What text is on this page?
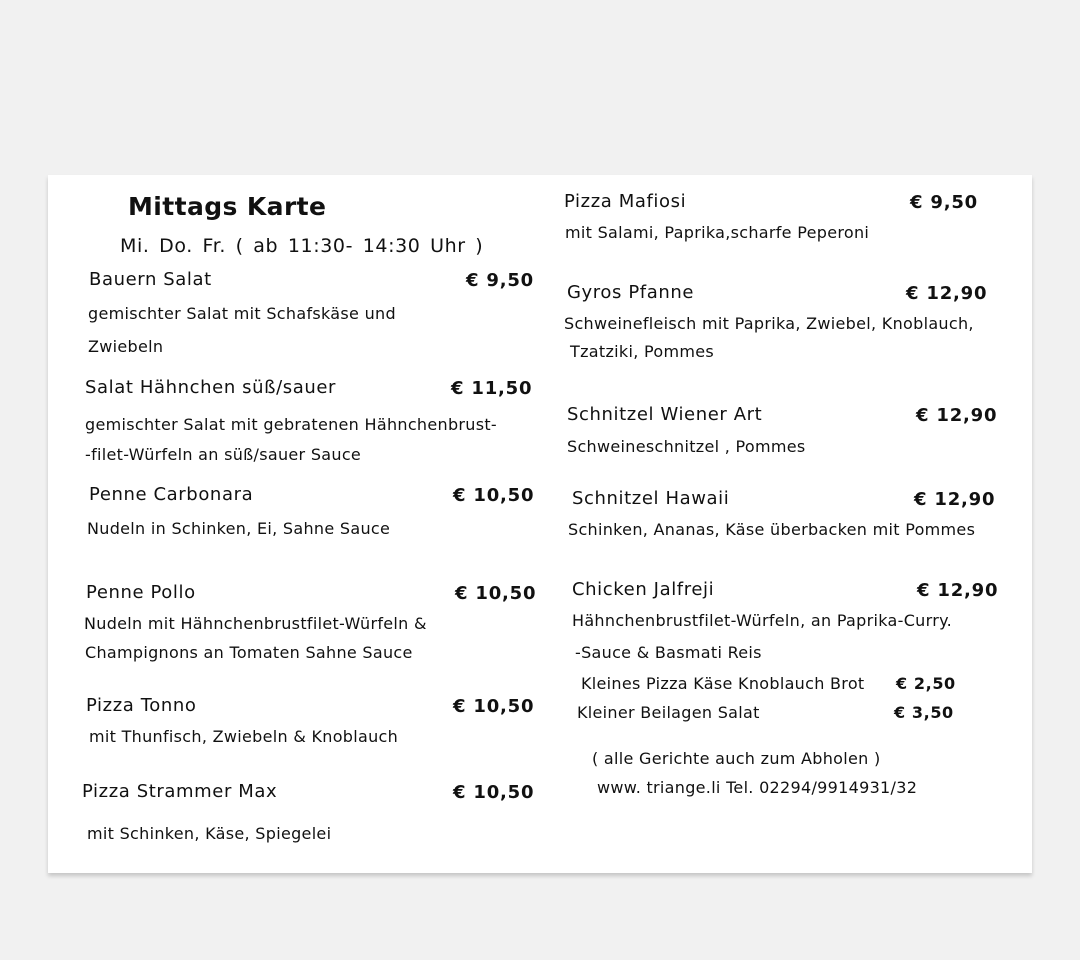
Mittags Karte
Mi. Do. Fr. ( ab 11:30- 14:30 Uhr )
Bauern Salat	€ 9,50
gemischter Salat mit Schafskäse und
Zwiebeln
Salat Hähnchen süß/sauer	€ 11,50
gemischter Salat mit gebratenen Hähnchenbrust-
-filet-Würfeln an süß/sauer Sauce
Penne Carbonara	€ 10,50
Nudeln in Schinken, Ei, Sahne Sauce
Penne Pollo	€ 10,50
Nudeln mit Hähnchenbrustfilet-Würfeln &
Champignons an Tomaten Sahne Sauce
Pizza Tonno	€ 10,50
mit Thunfisch, Zwiebeln & Knoblauch
Pizza Strammer Max	€ 10,50
mit Schinken, Käse, Spiegelei
Pizza Mafiosi	€ 9,50
mit Salami, Paprika,scharfe Peperoni
Gyros Pfanne	€ 12,90
Schweinefleisch mit Paprika, Zwiebel, Knoblauch,
Tzatziki, Pommes
Schnitzel Wiener Art	€ 12,90
Schweineschnitzel , Pommes
Schnitzel Hawaii	€ 12,90
Schinken, Ananas, Käse überbacken mit Pommes
Chicken Jalfreji	€ 12,90
Hähnchenbrustfilet-Würfeln, an Paprika-Curry.
-Sauce & Basmati Reis
Kleines Pizza Käse Knoblauch Brot € 2,50
Kleiner Beilagen Salat	€ 3,50
( alle Gerichte auch zum Abholen )
www. triange.li Tel. 02294/9914931/32
